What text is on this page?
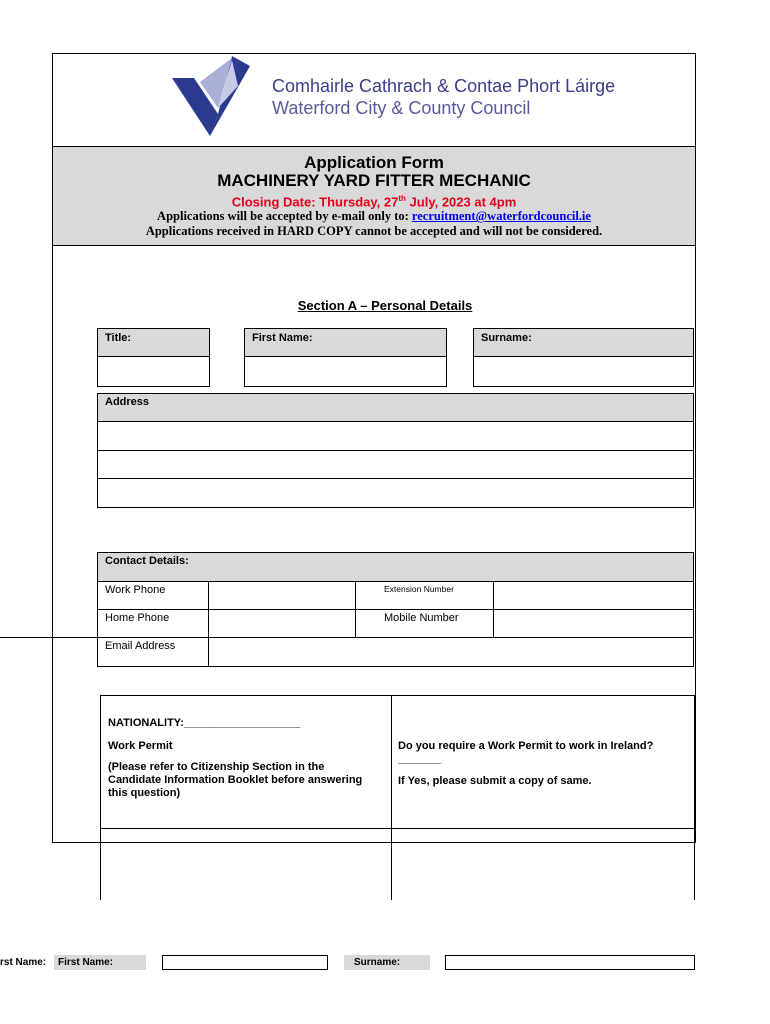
Comhairle Cathrach & Contae Phort Láirge
Waterford City & County Council
Application Form
MACHINERY YARD FITTER MECHANIC
Closing Date: Thursday, 27th July, 2023 at 4pm
Applications will be accepted by e-mail only to: recruitment@waterfordcouncil.ie
Applications received in HARD COPY cannot be accepted and will not be considered.
Section A – Personal Details
Title:	First Name:	Surname:
Address
Contact Details:
Work Phone	Extension Number
Home Phone	Mobile Number
Email Address
NATIONALITY:___________________
Work Permit
(Please refer to Citizenship Section in the Candidate Information Booklet before answering this question)
Do you require a Work Permit to work in Ireland? _______
If Yes, please submit a copy of same.
rst Name:	First Name:	Surname:
